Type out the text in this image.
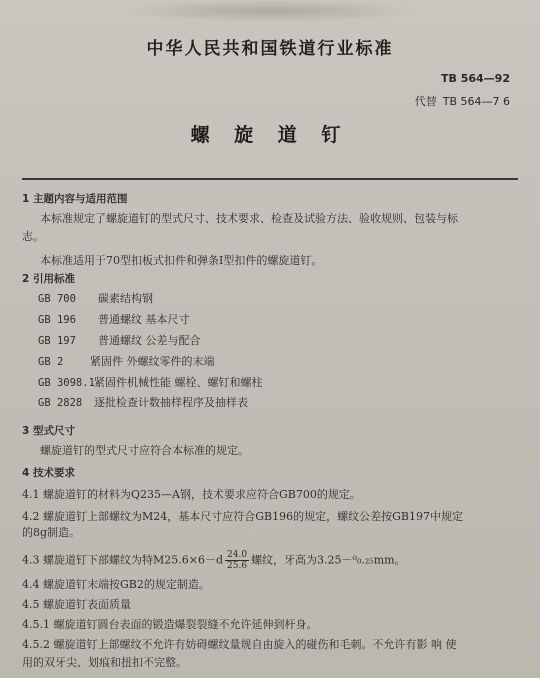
中华人民共和国铁道行业标准
TB 564—92
代替 TB 564—7 6
螺 旋 道 钉
1 主题内容与适用范围
本标准规定了螺旋道钉的型式尺寸、技术要求、检查及试验方法、验收规则、包装与标
志。
本标准适用于70型扣板式扣件和弹条Ⅰ型扣件的螺旋道钉。
2 引用标准
GB 700 碳素结构钢
GB 196 普通螺纹 基本尺寸
GB 197 普通螺纹 公差与配合
GB 2 紧固件 外螺纹零件的末端
GB 3098.1紧固件机械性能 螺栓、螺钉和螺柱
GB 2828 逐批检查计数抽样程序及抽样表
3 型式尺寸
螺旋道钉的型式尺寸应符合本标准的规定。
4 技术要求
4.1 螺旋道钉的材料为Q235—A钢，技术要求应符合GB700的规定。
4.2 螺旋道钉上部螺纹为M24，基本尺寸应符合GB196的规定，螺纹公差按GB197中规定
的8g制造。
4.3 螺旋道钉下部螺纹为特$M25.6\times 6-d \frac{24.0}{25.6}$ 螺纹，牙高为3.25－⁰₀.₂₅mm。
4.4 螺旋道钉末端按GB2的规定制造。
4.5 螺旋道钉表面质量
4.5.1 螺旋道钉圆台表面的锻造爆裂裂缝不允许延伸到杆身。
4.5.2 螺旋道钉上部螺纹不允许有妨碍螺纹量规自由旋入的碰伤和毛刺。不允许有影 响 使
用的双牙尖、划痕和扭扣不完整。
